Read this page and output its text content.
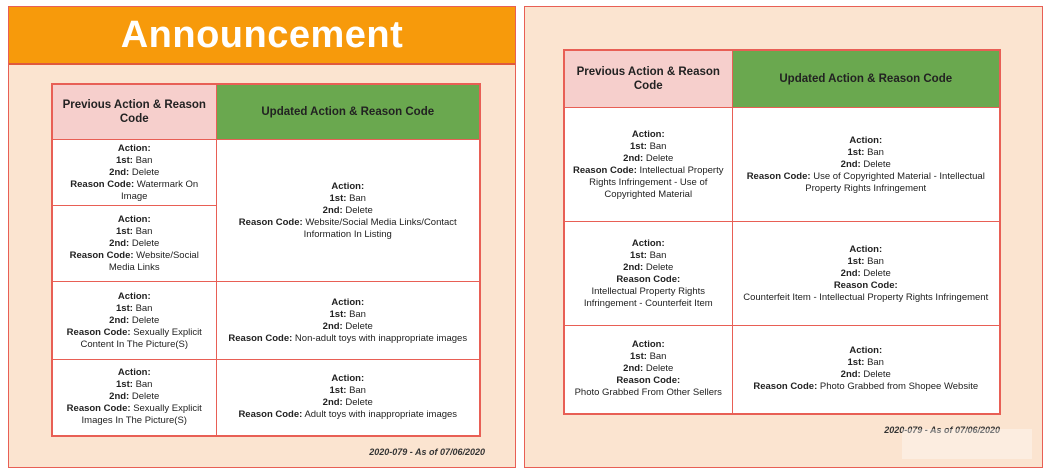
Announcement
Previous Action & Reason Code	Updated Action & Reason Code

Action:
1st: Ban
2nd: Delete
Reason Code: Watermark On Image	Action:
1st: Ban
2nd: Delete
Reason Code: Website/Social Media Links/Contact Information In Listing

Action:
1st: Ban
2nd: Delete
Reason Code: Website/Social Media Links	

Action:
1st: Ban
2nd: Delete
Reason Code: Sexually Explicit Content In The Picture(S)	Action:
1st: Ban
2nd: Delete
Reason Code: Non-adult toys with inappropriate images

Action:
1st: Ban
2nd: Delete
Reason Code: Sexually Explicit Images In The Picture(S)	Action:
1st: Ban
2nd: Delete
Reason Code: Adult toys with inappropriate images
2020-079 - As of 07/06/2020
Previous Action & Reason Code	Updated Action & Reason Code

Action:
1st: Ban
2nd: Delete
Reason Code: Intellectual Property Rights Infringement - Use of Copyrighted Material	Action:
1st: Ban
2nd: Delete
Reason Code: Use of Copyrighted Material - Intellectual Property Rights Infringement

Action:
1st: Ban
2nd: Delete
Reason Code:
Intellectual Property Rights Infringement - Counterfeit Item	Action:
1st: Ban
2nd: Delete
Reason Code:
Counterfeit Item - Intellectual Property Rights Infringement

Action:
1st: Ban
2nd: Delete
Reason Code:
Photo Grabbed From Other Sellers	Action:
1st: Ban
2nd: Delete
Reason Code: Photo Grabbed from Shopee Website
2020-079 - As of 07/06/2020
